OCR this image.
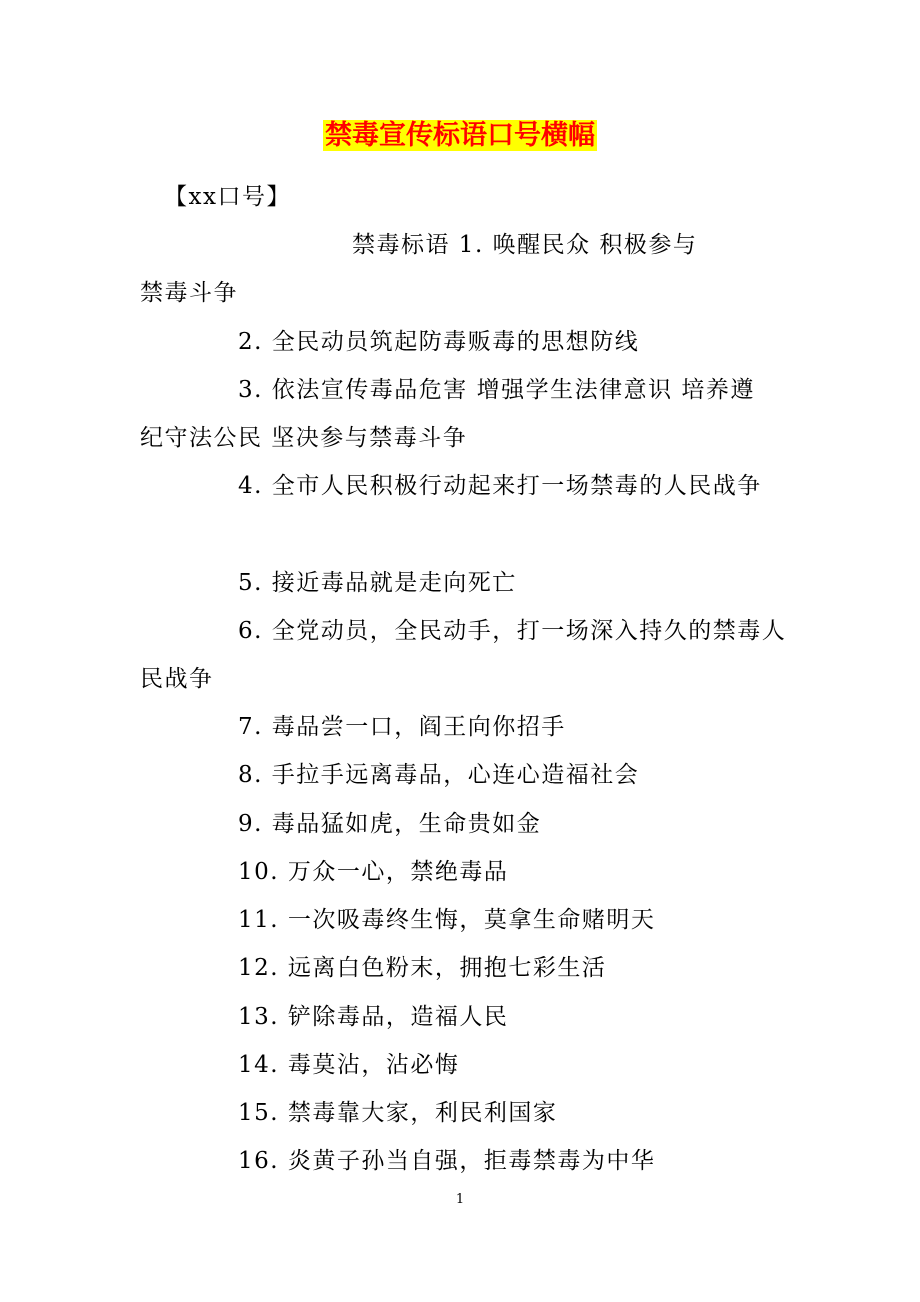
禁毒宣传标语口号横幅
【xx口号】
禁毒标语 1. 唤醒民众 积极参与
禁毒斗争
2. 全民动员筑起防毒贩毒的思想防线
3. 依法宣传毒品危害 增强学生法律意识 培养遵
纪守法公民 坚决参与禁毒斗争
4. 全市人民积极行动起来打一场禁毒的人民战争
5. 接近毒品就是走向死亡
6. 全党动员，全民动手，打一场深入持久的禁毒人
民战争
7. 毒品尝一口，阎王向你招手
8. 手拉手远离毒品，心连心造福社会
9. 毒品猛如虎，生命贵如金
10. 万众一心，禁绝毒品
11. 一次吸毒终生悔，莫拿生命赌明天
12. 远离白色粉末，拥抱七彩生活
13. 铲除毒品，造福人民
14. 毒莫沾，沾必悔
15. 禁毒靠大家，利民利国家
16. 炎黄子孙当自强，拒毒禁毒为中华
1
